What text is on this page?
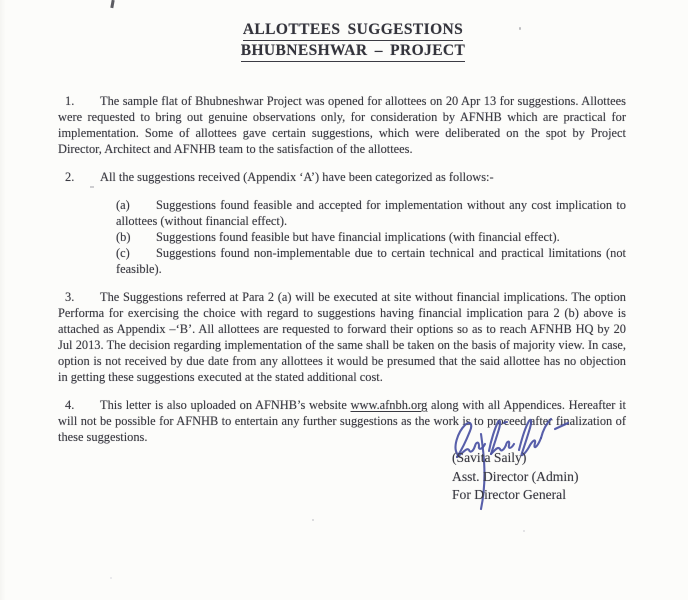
ALLOTTEES SUGGESTIONS
BHUBNESHWAR – PROJECT

1. The sample flat of Bhubneshwar Project was opened for allottees on 20 Apr 13 for suggestions. Allottees were requested to bring out genuine observations only, for consideration by AFNHB which are practical for implementation. Some of allottees gave certain suggestions, which were deliberated on the spot by Project Director, Architect and AFNHB team to the satisfaction of the allottees.

2. All the suggestions received (Appendix ‘A’) have been categorized as follows:-

(a) Suggestions found feasible and accepted for implementation without any cost implication to allottees (without financial effect).

(b) Suggestions found feasible but have financial implications (with financial effect).

(c) Suggestions found non-implementable due to certain technical and practical limitations (not feasible).

3. The Suggestions referred at Para 2 (a) will be executed at site without financial implications. The option Performa for exercising the choice with regard to suggestions having financial implication para 2 (b) above is attached as Appendix –‘B’. All allottees are requested to forward their options so as to reach AFNHB HQ by 20 Jul 2013. The decision regarding implementation of the same shall be taken on the basis of majority view. In case, option is not received by due date from any allottees it would be presumed that the said allottee has no objection in getting these suggestions executed at the stated additional cost.

4. This letter is also uploaded on AFNHB’s website www.afnbh.org along with all Appendices. Hereafter it will not be possible for AFNHB to entertain any further suggestions as the work is to proceed after finalization of these suggestions.

(Savita Saily)
Asst. Director (Admin)
For Director General
